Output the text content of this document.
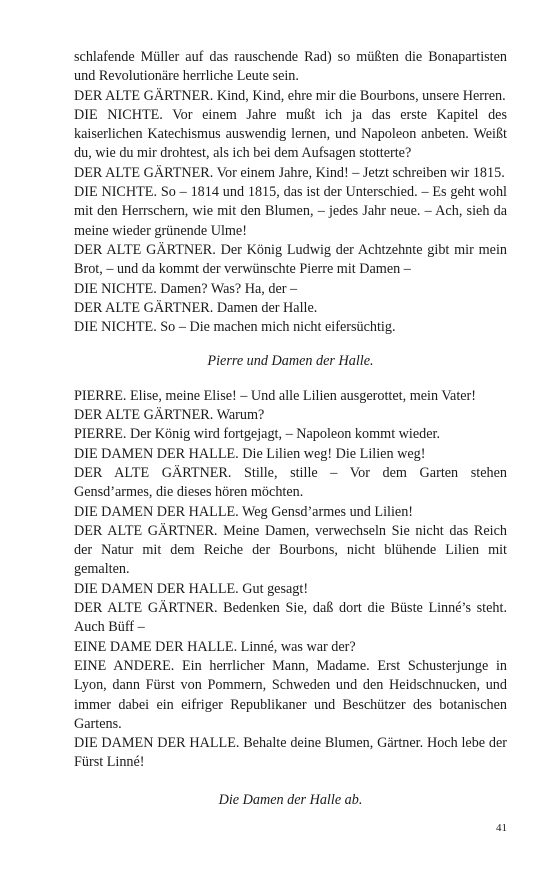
schlafende Müller auf das rauschende Rad) so müßten die Bonapartisten und Revolutionäre herrliche Leute sein.

DER ALTE GÄRTNER. Kind, Kind, ehre mir die Bourbons, unsere Herren.

DIE NICHTE. Vor einem Jahre mußt ich ja das erste Kapitel des kaiserlichen Katechismus auswendig lernen, und Napoleon anbeten. Weißt du, wie du mir drohtest, als ich bei dem Aufsagen stotterte?

DER ALTE GÄRTNER. Vor einem Jahre, Kind! – Jetzt schreiben wir 1815.

DIE NICHTE. So – 1814 und 1815, das ist der Unterschied. – Es geht wohl mit den Herrschern, wie mit den Blumen, – jedes Jahr neue. – Ach, sieh da meine wieder grünende Ulme!

DER ALTE GÄRTNER. Der König Ludwig der Achtzehnte gibt mir mein Brot, – und da kommt der verwünschte Pierre mit Damen –

DIE NICHTE. Damen? Was? Ha, der –

DER ALTE GÄRTNER. Damen der Halle.

DIE NICHTE. So – Die machen mich nicht eifersüchtig.

Pierre und Damen der Halle.

PIERRE. Elise, meine Elise! – Und alle Lilien ausgerottet, mein Vater!

DER ALTE GÄRTNER. Warum?

PIERRE. Der König wird fortgejagt, – Napoleon kommt wieder.

DIE DAMEN DER HALLE. Die Lilien weg! Die Lilien weg!

DER ALTE GÄRTNER. Stille, stille – Vor dem Garten stehen Gensd’armes, die dieses hören möchten.

DIE DAMEN DER HALLE. Weg Gensd’armes und Lilien!

DER ALTE GÄRTNER. Meine Damen, verwechseln Sie nicht das Reich der Natur mit dem Reiche der Bourbons, nicht blühende Lilien mit gemalten.

DIE DAMEN DER HALLE. Gut gesagt!

DER ALTE GÄRTNER. Bedenken Sie, daß dort die Büste Linné’s steht. Auch Büff –

EINE DAME DER HALLE. Linné, was war der?

EINE ANDERE. Ein herrlicher Mann, Madame. Erst Schusterjunge in Lyon, dann Fürst von Pommern, Schweden und den Heidschnucken, und immer dabei ein eifriger Republikaner und Beschützer des botanischen Gartens.

DIE DAMEN DER HALLE. Behalte deine Blumen, Gärtner. Hoch lebe der Fürst Linné!

Die Damen der Halle ab.

41
